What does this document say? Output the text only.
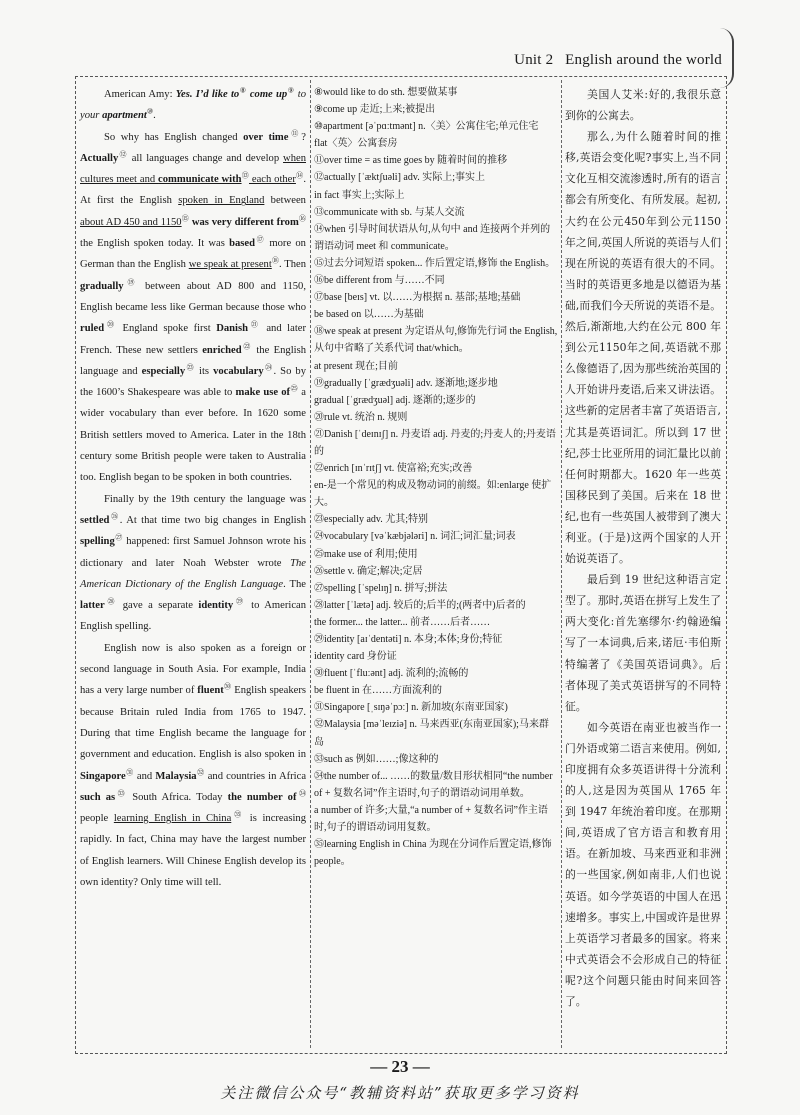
Unit 2 English around the world

American Amy: Yes. I’d like to⑧ come up⑨ to your apartment⑩.

So why has English changed over time⑪? Actually⑫ all languages change and develop when cultures meet and communicate with⑬ each other⑭. At first the English spoken in England between about AD 450 and 1150⑮ was very different from⑯ the English spoken today. It was based⑰ more on German than the English we speak at present⑱. Then gradually⑲ between about AD 800 and 1150, English became less like German because those who ruled⑳ England spoke first Danish$^㉑$ and later French. These new settlers enriched$^㉒$ the English language and especially$^㉓$ its vocabulary$^㉔$. So by the 1600’s Shakespeare was able to make use $of^㉕$ a wider vocabulary than ever before. In 1620 some British settlers moved to America. Later in the 18th century some British people were taken to Australia too. English began to be spoken in both countries.

Finally by the 19th century the language was settled$^㉖$. At that time two big changes in English spelling$^㉗$ happened: first Samuel Johnson wrote his dictionary and later Noah Webster wrote The American Dictionary of the English Language. The latter$^㉘$ gave a separate identity$^㉙$ to American English spelling.

English now is also spoken as a foreign or second language in South Asia. For example, India has a very large number of fluent$^㉚$ English speakers because Britain ruled India from 1765 to 1947. During that time English became the language for government and education. English is also spoken in Singapore$^㉛$ and Malaysia$^㉜$ and countries in Africa such $as^㉝$ South Africa. Today the number $of^㉞$ people learning English in China$^㉟$ is increasing rapidly. In fact, China may have the largest number of English learners. Will Chinese English develop its own identity? Only time will tell.

⑧would like to do sth. 想要做某事
⑨come up 走近;上来;被提出
⑩apartment [əˈpɑːtmənt] n.〈美〉公寓住宅;单元住宅
flat〈英〉公寓套房
⑪over time = as time goes by 随着时间的推移
⑫actually [ˈæktʃuəli] adv. 实际上;事实上
in fact 事实上;实际上
⑬communicate with sb. 与某人交流
⑭when 引导时间状语从句,从句中 and 连接两个并列的谓语动词 meet 和 communicate。
⑮过去分词短语 spoken... 作后置定语,修饰 the English。
⑯be different from 与……不同
⑰base [beɪs] vt. 以……为根据 n. 基部;基地;基础
be based on 以……为基础
⑱we speak at present 为定语从句,修饰先行词 the English,从句中省略了关系代词 that/which。
at present 现在;目前
⑲gradually [ˈgrædʒuəli] adv. 逐渐地;逐步地
gradual [ˈgrædʒuəl] adj. 逐渐的;逐步的
⑳rule vt. 统治 n. 规则
㉑Danish [ˈdeɪnɪʃ] n. 丹麦语 adj. 丹麦的;丹麦人的;丹麦语的
㉒enrich [ɪnˈrɪtʃ] vt. 使富裕;充实;改善
en-是一个常见的构成及物动词的前缀。如:enlarge 使扩大。
㉓especially adv. 尤其;特别
㉔vocabulary [vəˈkæbjələri] n. 词汇;词汇量;词表
㉕make use of 利用;使用
㉖settle v. 确定;解决;定居
㉗spelling [ˈspelɪŋ] n. 拼写;拼法
㉘latter [ˈlætə] adj. 较后的;后半的;(两者中)后者的
the former... the latter... 前者……后者……
㉙identity [aɪˈdentəti] n. 本身;本体;身份;特征
identity card 身份证
㉚fluent [ˈfluːənt] adj. 流利的;流畅的
be fluent in 在……方面流利的
㉛Singapore [ˌsɪŋəˈpɔː] n. 新加坡(东南亚国家)
㉜Malaysia [məˈleɪziə] n. 马来西亚(东南亚国家);马来群岛
㉝such as 例如……;像这种的
㉞the number of... ……的数量/数目形状相同“the number of + 复数名词”作主语时,句子的谓语动词用单数。
a number of 许多;大量,“a number of + 复数名词”作主语时,句子的谓语动词用复数。
㉟learning English in China 为现在分词作后置定语,修饰 people。

美国人艾米:好的,我很乐意到你的公寓去。

那么,为什么随着时间的推移,英语会变化呢?事实上,当不同文化互相交流渗透时,所有的语言都会有所变化、有所发展。起初,大约在公元450年到公元1150年之间,英国人所说的英语与人们现在所说的英语有很大的不同。当时的英语更多地是以德语为基础,而我们今天所说的英语不是。然后,渐渐地,大约在公元 800 年到公元1150年之间,英语就不那么像德语了,因为那些统治英国的人开始讲丹麦语,后来又讲法语。这些新的定居者丰富了英语语言,尤其是英语词汇。所以到 17 世纪,莎士比亚所用的词汇量比以前任何时期都大。1620 年一些英国移民到了美国。后来在 18 世纪,也有一些英国人被带到了澳大利亚。(于是)这两个国家的人开始说英语了。

最后到 19 世纪这种语言定型了。那时,英语在拼写上发生了两大变化:首先塞缪尔·约翰逊编写了一本词典,后来,诺厄·韦伯斯特编著了《美国英语词典》。后者体现了美式英语拼写的不同特征。

如今英语在南亚也被当作一门外语或第二语言来使用。例如,印度拥有众多英语讲得十分流利的人,这是因为英国从 1765 年到 1947 年统治着印度。在那期间,英语成了官方语言和教育用语。在新加坡、马来西亚和非洲的一些国家,例如南非,人们也说英语。如今学英语的中国人在迅速增多。事实上,中国或许是世界上英语学习者最多的国家。将来中式英语会不会形成自己的特征呢?这个问题只能由时间来回答了。

— 23 —
关注微信公众号“教辅资料站”获取更多学习资料
